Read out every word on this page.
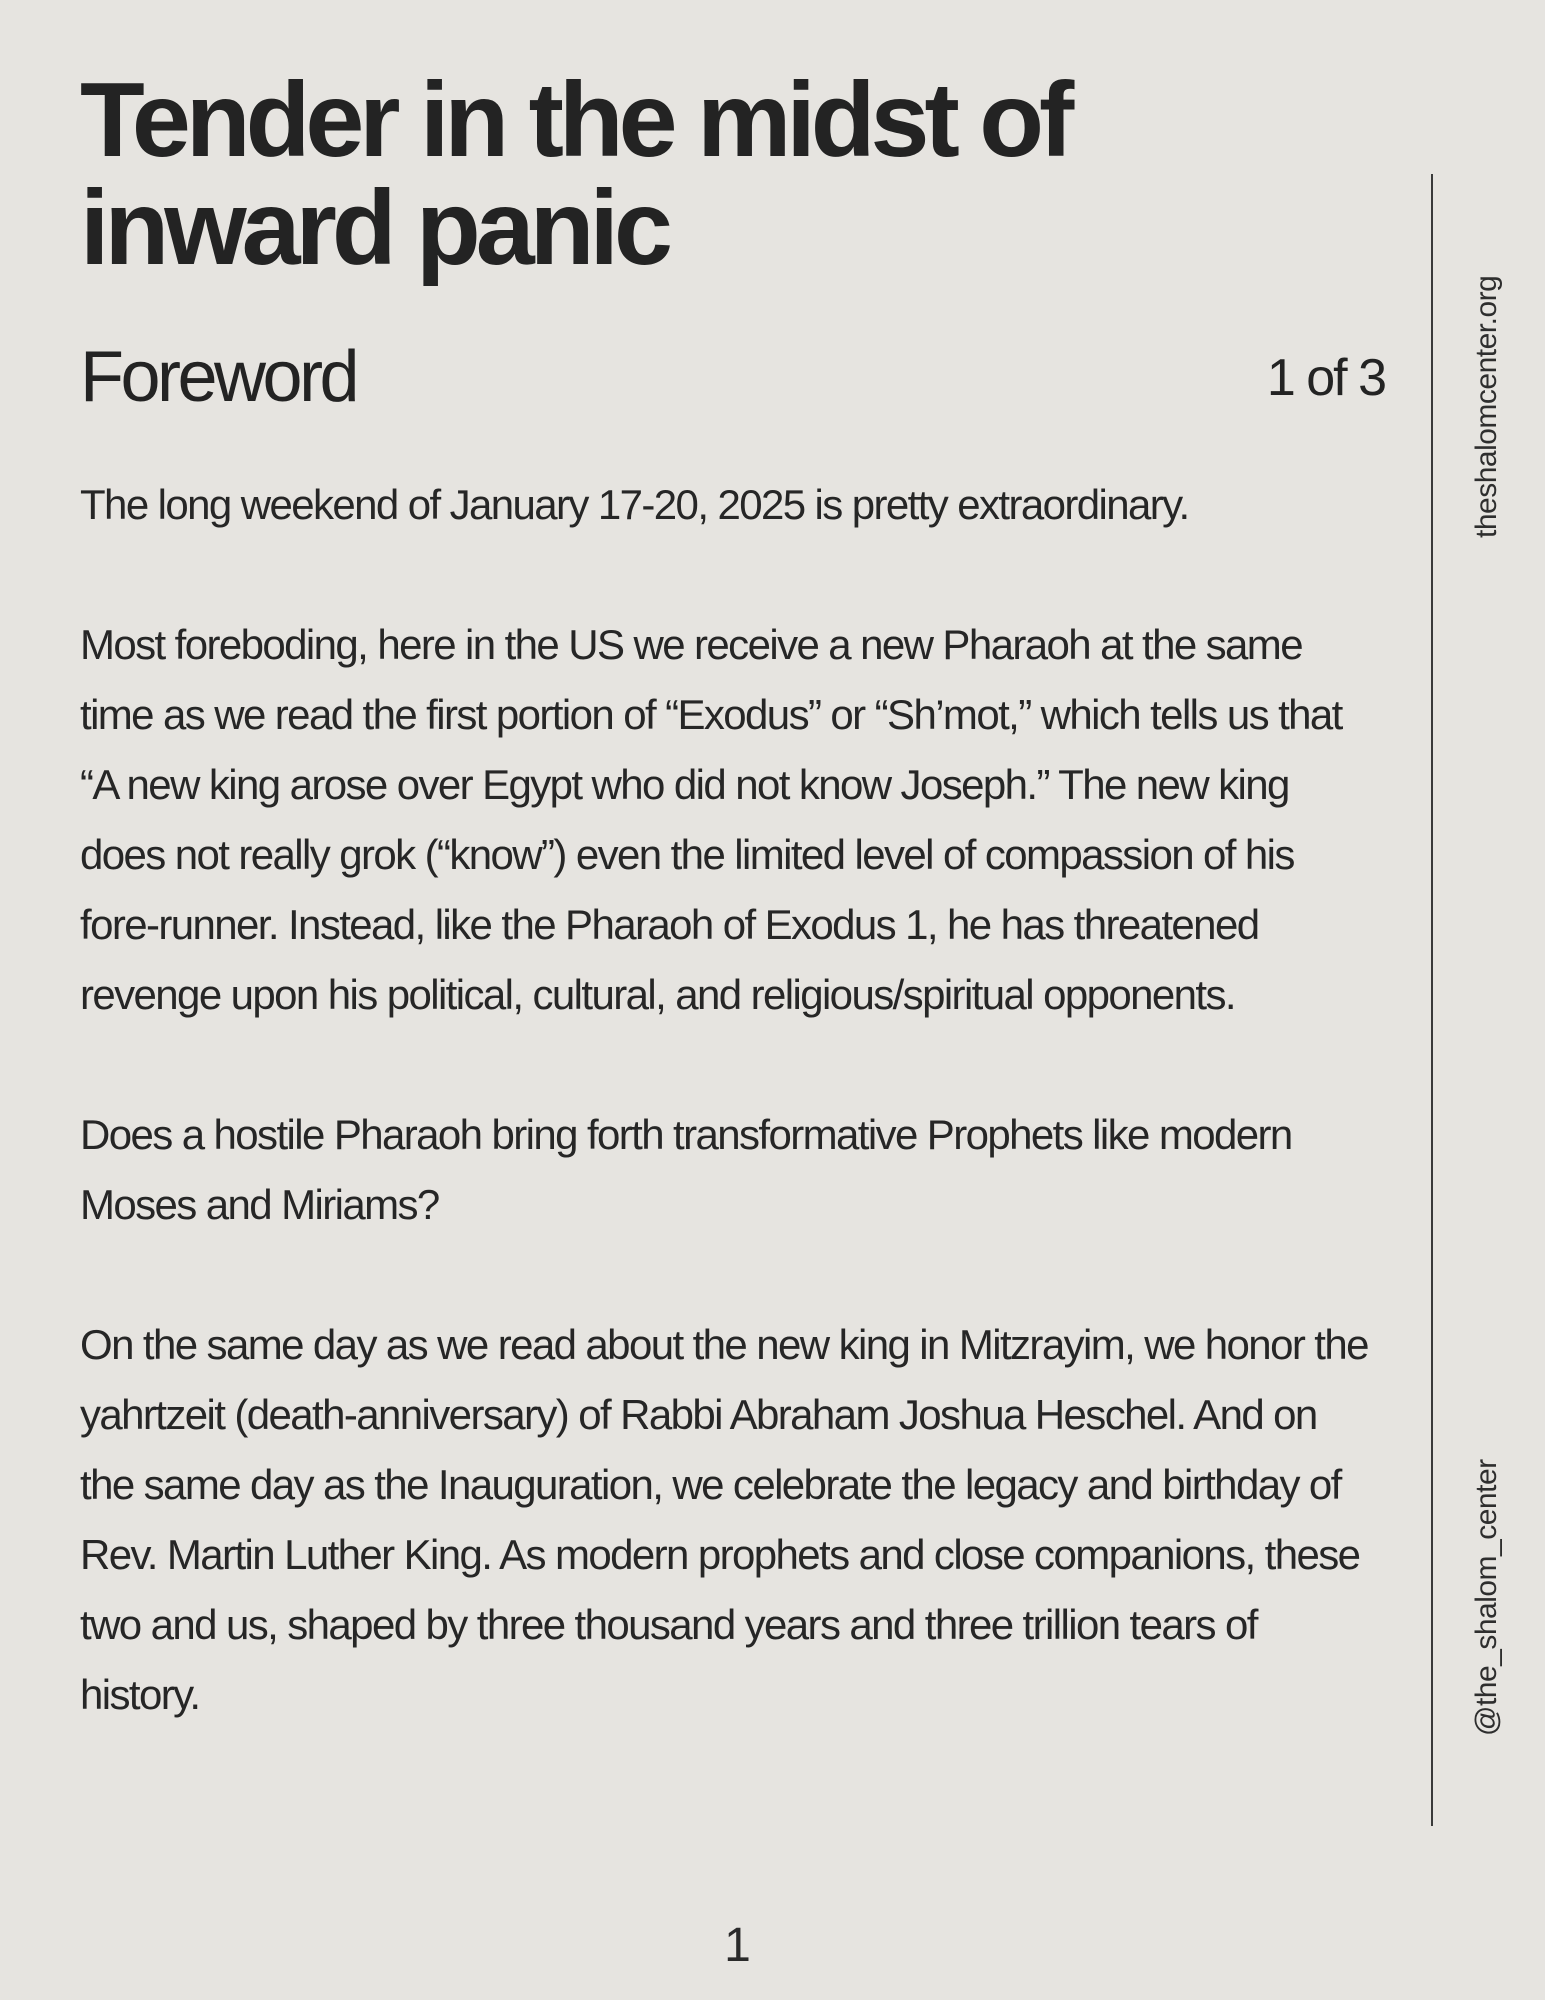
Tender in the midst of inward panic
Foreword	1 of 3

The long weekend of January 17-20, 2025 is pretty extraordinary.

Most foreboding, here in the US we receive a new Pharaoh at the same time as we read the first portion of “Exodus” or “Sh’mot,” which tells us that “A new king arose over Egypt who did not know Joseph.” The new king does not really grok (“know”) even the limited level of compassion of his fore-runner. Instead, like the Pharaoh of Exodus 1, he has threatened revenge upon his political, cultural, and religious/spiritual opponents.

Does a hostile Pharaoh bring forth transformative Prophets like modern Moses and Miriams?

On the same day as we read about the new king in Mitzrayim, we honor the yahrtzeit (death-anniversary) of Rabbi Abraham Joshua Heschel. And on the same day as the Inauguration, we celebrate the legacy and birthday of Rev. Martin Luther King. As modern prophets and close companions, these two and us, shaped by three thousand years and three trillion tears of history.

theshalomcenter.org
@the_shalom_center
1
